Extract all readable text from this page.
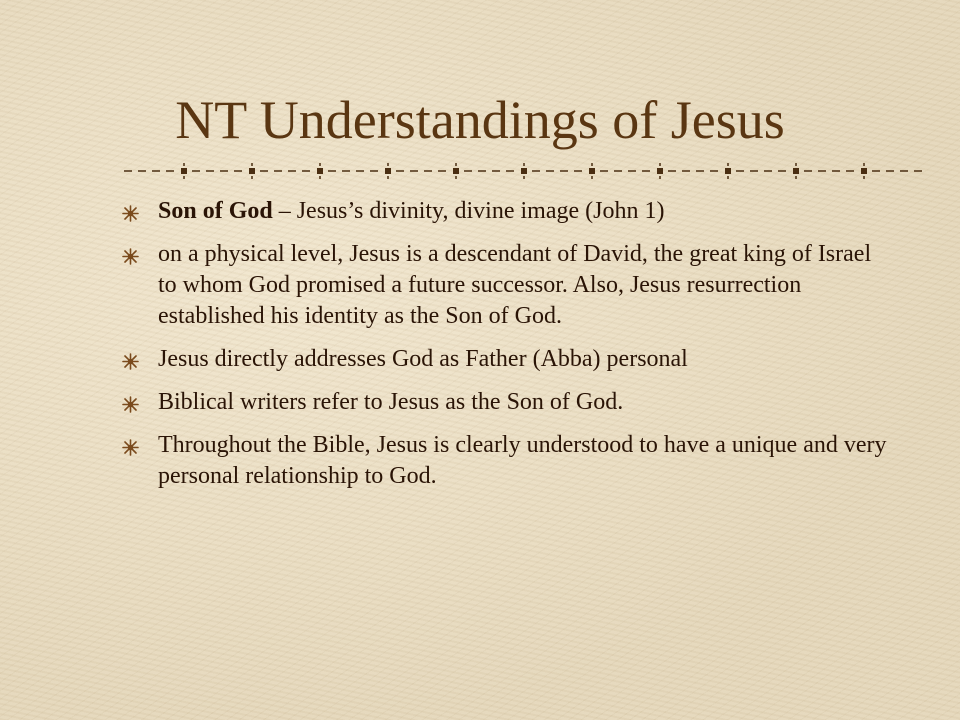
NT Understandings of Jesus
Son of God – Jesus’s divinity, divine image (John 1)
on a physical level, Jesus is a descendant of David, the great king of Israel to whom God promised a future successor. Also, Jesus resurrection established his identity as the Son of God.
Jesus directly addresses God as Father (Abba) personal
Biblical writers refer to Jesus as the Son of God.
Throughout the Bible, Jesus is clearly understood to have a unique and very personal relationship to God.
